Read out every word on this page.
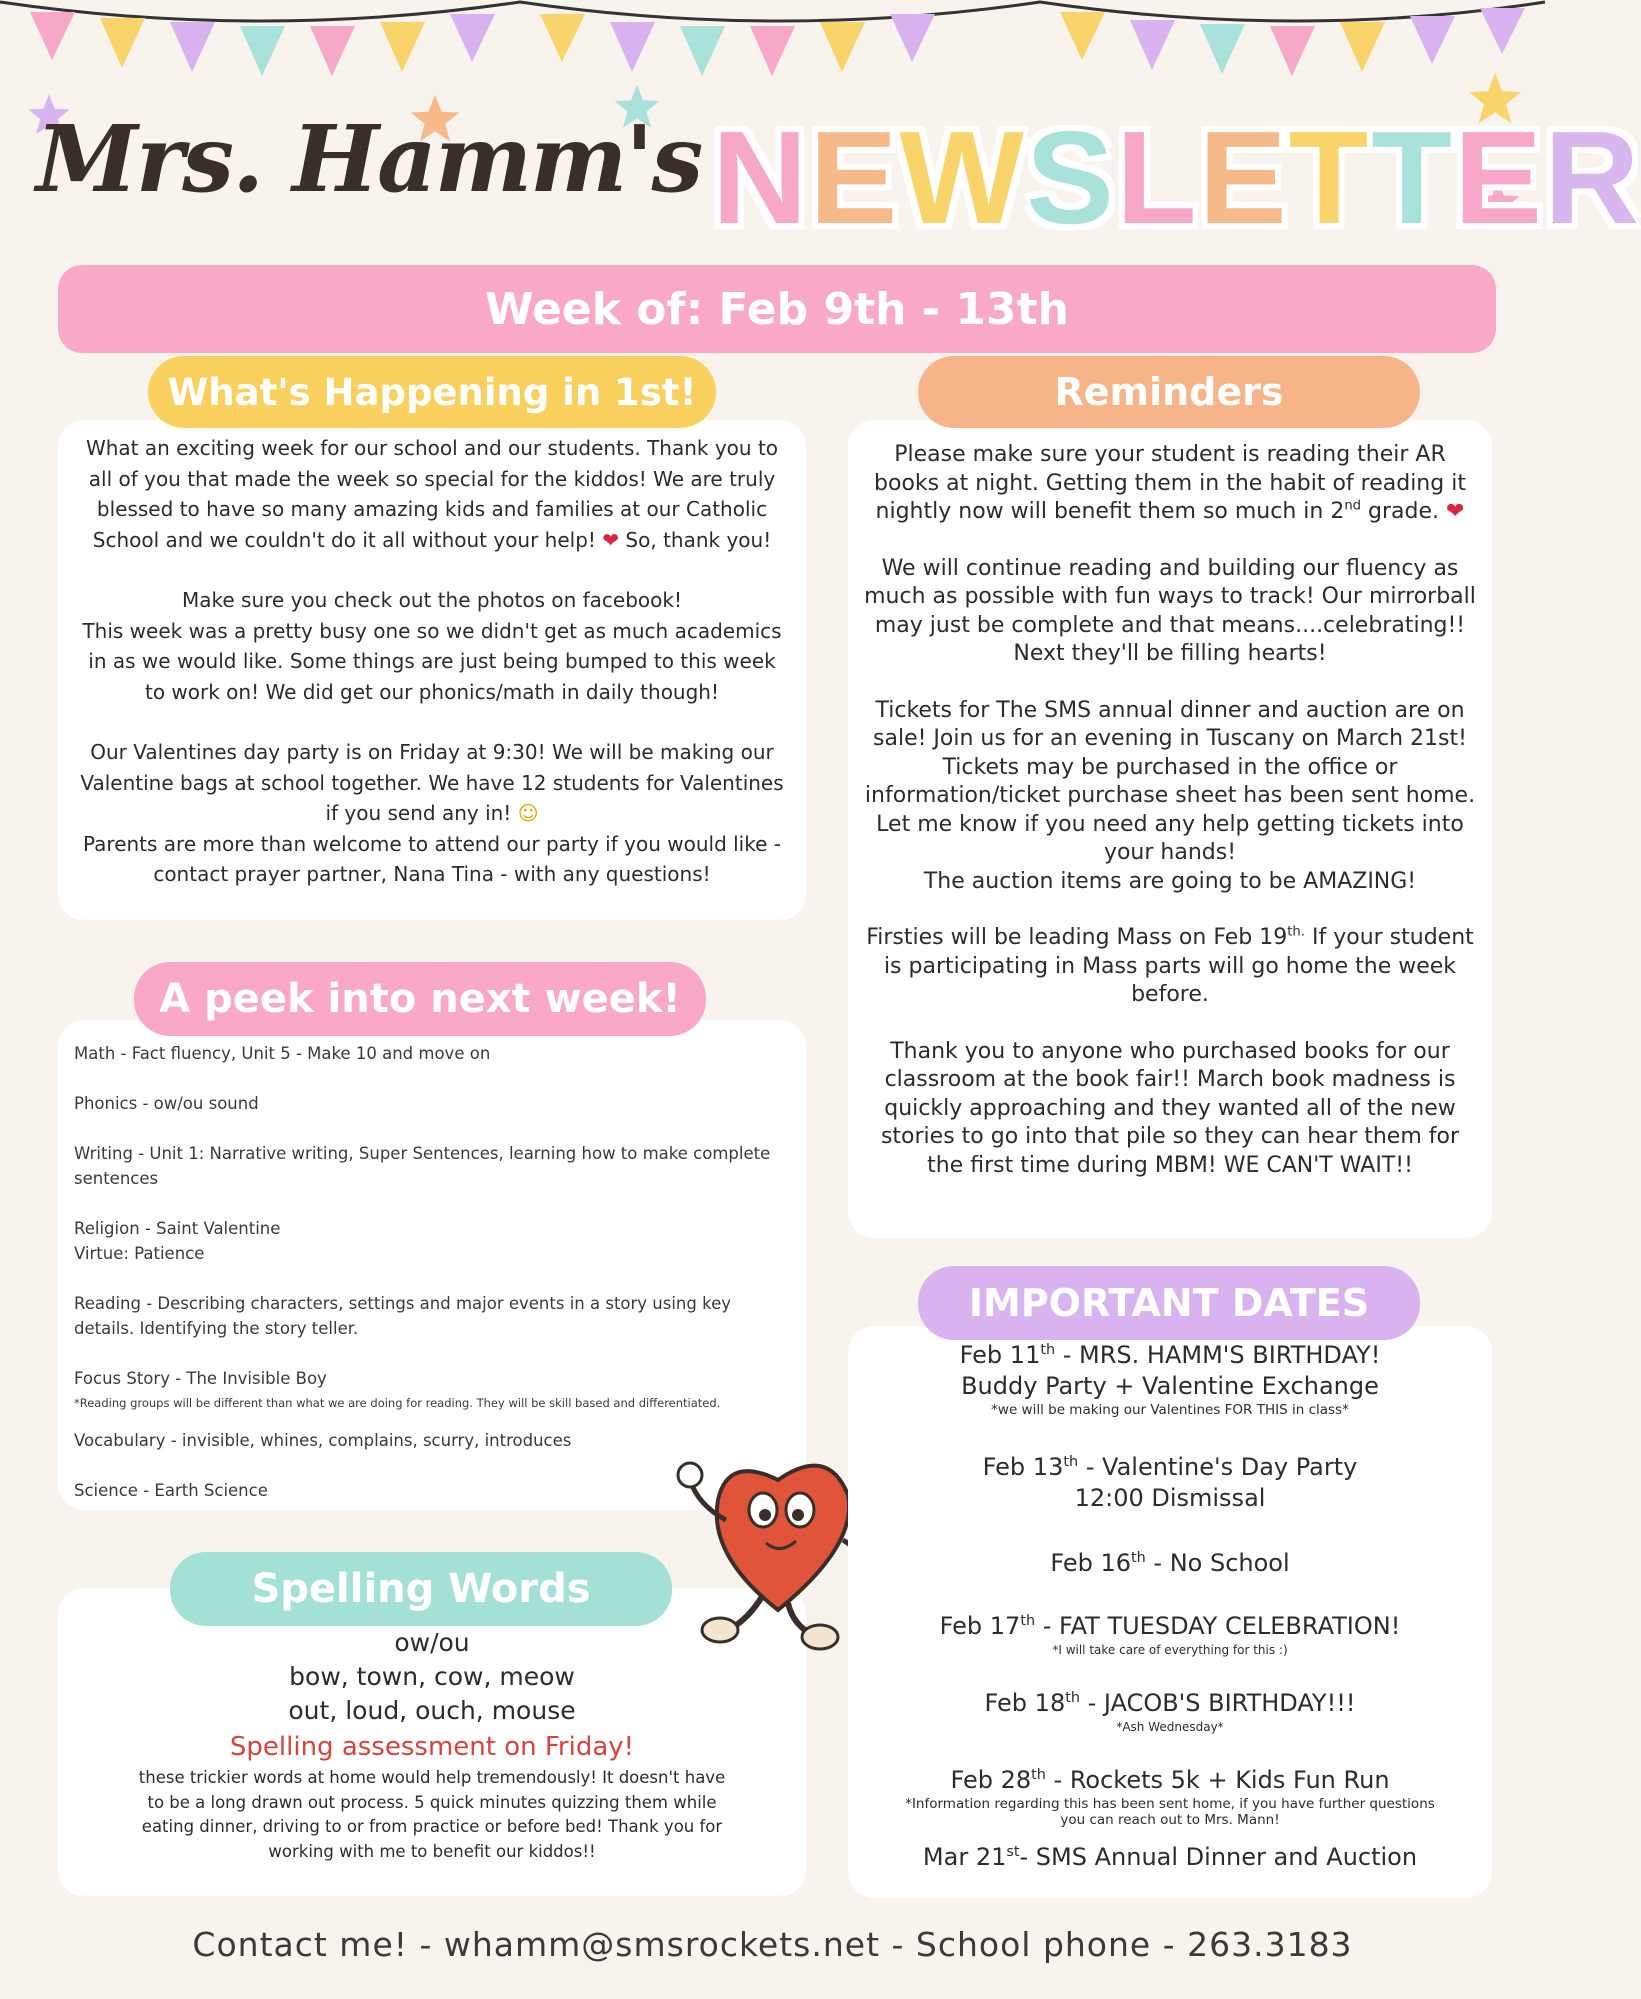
Mrs. Hamm's NEWSLETTER
Week of: Feb 9th - 13th
What's Happening in 1st!

What an exciting week for our school and our students. Thank you to all of you that made the week so special for the kiddos! We are truly blessed to have so many amazing kids and families at our Catholic School and we couldn't do it all without your help! ❤ So, thank you!

Make sure you check out the photos on facebook!

This week was a pretty busy one so we didn't get as much academics in as we would like. Some things are just being bumped to this week to work on! We did get our phonics/math in daily though!

Our Valentines day party is on Friday at 9:30! We will be making our Valentine bags at school together. We have 12 students for Valentines if you send any in! ☺

Parents are more than welcome to attend our party if you would like - contact prayer partner, Nana Tina - with any questions!

A peek into next week!
Math - Fact fluency, Unit 5 - Make 10 and move on
Phonics - ow/ou sound
Writing - Unit 1: Narrative writing, Super Sentences, learning how to make complete sentences
Religion - Saint Valentine
Virtue: Patience
Reading - Describing characters, settings and major events in a story using key details. Identifying the story teller.
Focus Story - The Invisible Boy
*Reading groups will be different than what we are doing for reading. They will be skill based and differentiated.
Vocabulary - invisible, whines, complains, scurry, introduces
Science - Earth Science
Spelling Words
ow/ou
bow, town, cow, meow
out, loud, ouch, mouse
Spelling assessment on Friday!
these trickier words at home would help tremendously! It doesn't have to be a long drawn out process. 5 quick minutes quizzing them while eating dinner, driving to or from practice or before bed! Thank you for working with me to benefit our kiddos!!
Reminders

Please make sure your student is reading their AR books at night. Getting them in the habit of reading it nightly now will benefit them so much in 2nd grade. ❤

We will continue reading and building our fluency as much as possible with fun ways to track! Our mirrorball may just be complete and that means....celebrating!! Next they'll be filling hearts!

Tickets for The SMS annual dinner and auction are on sale! Join us for an evening in Tuscany on March 21st! Tickets may be purchased in the office or information/ticket purchase sheet has been sent home. Let me know if you need any help getting tickets into your hands!

The auction items are going to be AMAZING!

Firsties will be leading Mass on Feb $19^{th.}$ If your student is participating in Mass parts will go home the week before.

Thank you to anyone who purchased books for our classroom at the book fair!! March book madness is quickly approaching and they wanted all of the new stories to go into that pile so they can hear them for the first time during MBM! WE CAN'T WAIT!!

IMPORTANT DATES
Feb 11th - MRS. HAMM'S BIRTHDAY!
Buddy Party + Valentine Exchange
*we will be making our Valentines FOR THIS in class*
Feb 13th - Valentine's Day Party
12:00 Dismissal
Feb 16th - No School
Feb 17th - FAT TUESDAY CELEBRATION!
*I will take care of everything for this :)
Feb 18th - JACOB'S BIRTHDAY!!!
*Ash Wednesday*
Feb 28th - Rockets 5k + Kids Fun Run
*Information regarding this has been sent home, if you have further questions you can reach out to Mrs. Mann!
Mar 21st- SMS Annual Dinner and Auction
Contact me! - whamm@smsrockets.net - School phone - 263.3183
